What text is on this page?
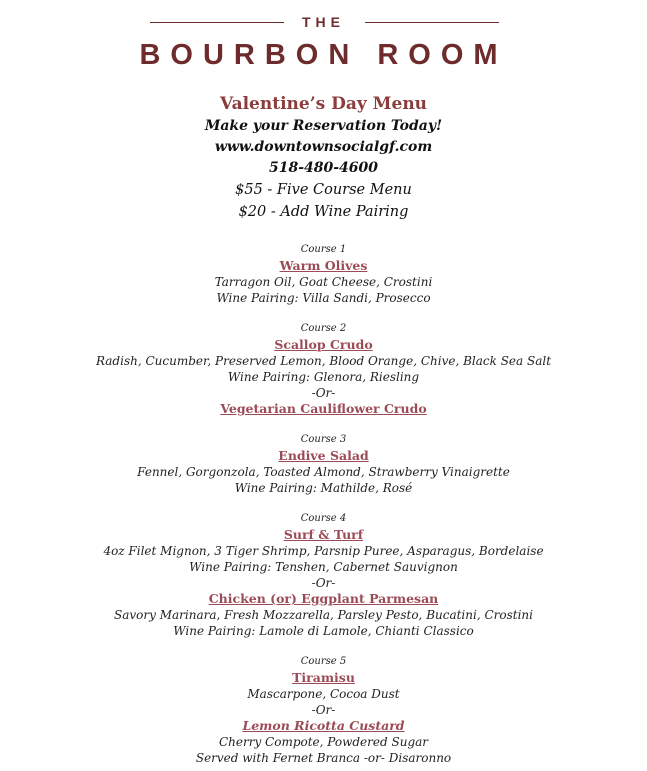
THE
BOURBON ROOM
Valentine’s Day Menu
Make your Reservation Today!
www.downtownsocialgf.com
518-480-4600
$55 - Five Course Menu
$20 - Add Wine Pairing
Course 1
Warm Olives
Tarragon Oil, Goat Cheese, Crostini
Wine Pairing: Villa Sandi, Prosecco
Course 2
Scallop Crudo
Radish, Cucumber, Preserved Lemon, Blood Orange, Chive, Black Sea Salt
Wine Pairing: Glenora, Riesling
-Or-
Vegetarian Cauliflower Crudo
Course 3
Endive Salad
Fennel, Gorgonzola, Toasted Almond, Strawberry Vinaigrette
Wine Pairing: Mathilde, Rosé
Course 4
Surf & Turf
4oz Filet Mignon, 3 Tiger Shrimp, Parsnip Puree, Asparagus, Bordelaise
Wine Pairing: Tenshen, Cabernet Sauvignon
-Or-
Chicken (or) Eggplant Parmesan
Savory Marinara, Fresh Mozzarella, Parsley Pesto, Bucatini, Crostini
Wine Pairing: Lamole di Lamole, Chianti Classico
Course 5
Tiramisu
Mascarpone, Cocoa Dust
-Or-
Lemon Ricotta Custard
Cherry Compote, Powdered Sugar
Served with Fernet Branca -or- Disaronno
